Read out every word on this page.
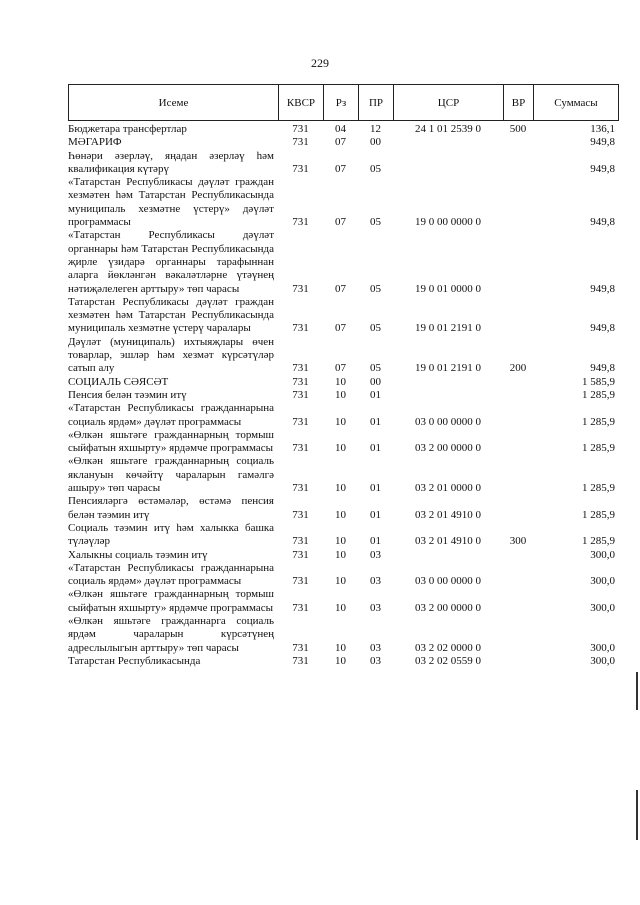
229
Исеме	КВСР	Рз	ПР	ЦСР	ВР	Суммасы
Бюджетара трансфертлар	731	04	12	24 1 01 2539 0	500	136,1
МӘГАРИФ	731	07	00			949,8
Һөнәри әзерләү, яңадан әзерләү һәм квалификация күтәрү	731	07	05			949,8
«Татарстан Республикасы дәүләт граждан хезмәтен һәм Татарстан Республикасында муниципаль хезмәтне үстерү» дәүләт программасы	731	07	05	19 0 00 0000 0		949,8
«Татарстан Республикасы дәүләт органнары һәм Татарстан Республикасында җирле үзидарә органнары тарафыннан аларга йөкләнгән вәкаләтләрне үтәүнең нәтиҗәлелеген арттыру» төп чарасы	731	07	05	19 0 01 0000 0		949,8
Татарстан Республикасы дәүләт граждан хезмәтен һәм Татарстан Республикасында муниципаль хезмәтне үстерү чаралары	731	07	05	19 0 01 2191 0		949,8
Дәүләт (муниципаль) ихтыяҗлары өчен товарлар, эшләр һәм хезмәт күрсәтүләр сатып алу	731	07	05	19 0 01 2191 0	200	949,8
СОЦИАЛЬ СӘЯСӘТ	731	10	00			1 585,9
Пенсия белән тәэмин итү	731	10	01			1 285,9
«Татарстан Республикасы гражданнарына социаль ярдәм» дәүләт программасы	731	10	01	03 0 00 0000 0		1 285,9
«Өлкән яшьтәге гражданнарның тормыш сыйфатын яхшырту» ярдәмче программасы	731	10	01	03 2 00 0000 0		1 285,9
«Өлкән яшьтәге гражданнарның социаль яклануын көчәйтү чараларын гамәлгә ашыру» төп чарасы	731	10	01	03 2 01 0000 0		1 285,9
Пенсияләргә өстәмәләр, өстәмә пенсия белән тәэмин итү	731	10	01	03 2 01 4910 0		1 285,9
Социаль тәэмин итү һәм халыкка башка түләүләр	731	10	01	03 2 01 4910 0	300	1 285,9
Халыкны социаль тәэмин итү	731	10	03			300,0
«Татарстан Республикасы гражданнарына социаль ярдәм» дәүләт программасы	731	10	03	03 0 00 0000 0		300,0
«Өлкән яшьтәге гражданнарның тормыш сыйфатын яхшырту» ярдәмче программасы	731	10	03	03 2 00 0000 0		300,0
«Өлкән яшьтәге гражданнарга социаль ярдәм чараларын күрсәтүнең адреслылыгын арттыру» төп чарасы	731	10	03	03 2 02 0000 0		300,0
Татарстан Республикасында	731	10	03	03 2 02 0559 0		300,0
